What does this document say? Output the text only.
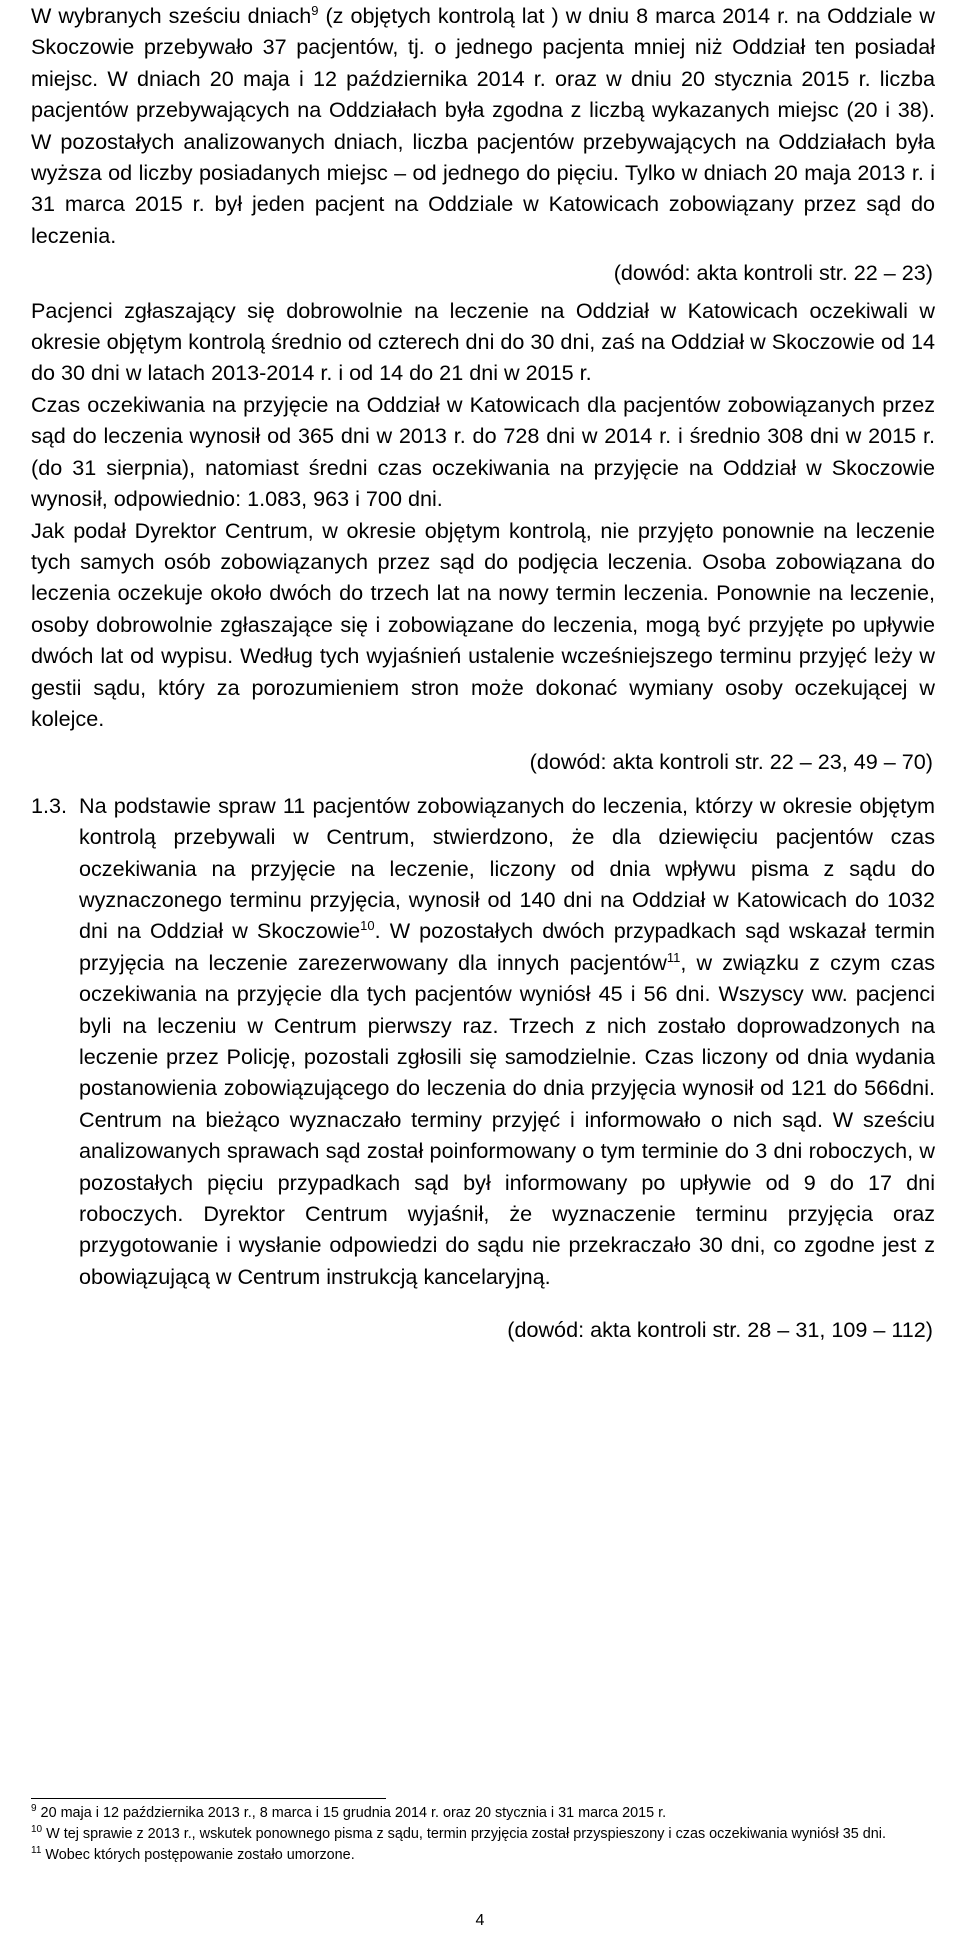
W wybranych sześciu dniach$^9$ (z objętych kontrolą lat ) w dniu 8 marca 2014 r. na Oddziale w Skoczowie przebywało 37 pacjentów, tj. o jednego pacjenta mniej niż Oddział ten posiadał miejsc. W dniach 20 maja i 12 października 2014 r. oraz w dniu 20 stycznia 2015 r. liczba pacjentów przebywających na Oddziałach była zgodna z liczbą wykazanych miejsc (20 i 38). W pozostałych analizowanych dniach, liczba pacjentów przebywających na Oddziałach była wyższa od liczby posiadanych miejsc – od jednego do pięciu. Tylko w dniach 20 maja 2013 r. i 31 marca 2015 r. był jeden pacjent na Oddziale w Katowicach zobowiązany przez sąd do leczenia.

(dowód: akta kontroli str. 22 – 23)

Pacjenci zgłaszający się dobrowolnie na leczenie na Oddział w Katowicach oczekiwali w okresie objętym kontrolą średnio od czterech dni do 30 dni, zaś na Oddział w Skoczowie od 14 do 30 dni w latach 2013-2014 r. i od 14 do 21 dni w 2015 r.

Czas oczekiwania na przyjęcie na Oddział w Katowicach dla pacjentów zobowiązanych przez sąd do leczenia wynosił od 365 dni w 2013 r. do 728 dni w 2014 r. i średnio 308 dni w 2015 r. (do 31 sierpnia), natomiast średni czas oczekiwania na przyjęcie na Oddział w Skoczowie wynosił, odpowiednio: 1.083, 963 i 700 dni.

Jak podał Dyrektor Centrum, w okresie objętym kontrolą, nie przyjęto ponownie na leczenie tych samych osób zobowiązanych przez sąd do podjęcia leczenia. Osoba zobowiązana do leczenia oczekuje około dwóch do trzech lat na nowy termin leczenia. Ponownie na leczenie, osoby dobrowolnie zgłaszające się i zobowiązane do leczenia, mogą być przyjęte po upływie dwóch lat od wypisu. Według tych wyjaśnień ustalenie wcześniejszego terminu przyjęć leży w gestii sądu, który za porozumieniem stron może dokonać wymiany osoby oczekującej w kolejce.

(dowód: akta kontroli str. 22 – 23, 49 – 70)

1.3. Na podstawie spraw 11 pacjentów zobowiązanych do leczenia, którzy w okresie objętym kontrolą przebywali w Centrum, stwierdzono, że dla dziewięciu pacjentów czas oczekiwania na przyjęcie na leczenie, liczony od dnia wpływu pisma z sądu do wyznaczonego terminu przyjęcia, wynosił od 140 dni na Oddział w Katowicach do 1032 dni na Oddział w Skoczowie$^{10}$. W pozostałych dwóch przypadkach sąd wskazał termin przyjęcia na leczenie zarezerwowany dla innych pacjentów$^{11}$, w związku z czym czas oczekiwania na przyjęcie dla tych pacjentów wyniósł 45 i 56 dni. Wszyscy ww. pacjenci byli na leczeniu w Centrum pierwszy raz. Trzech z nich zostało doprowadzonych na leczenie przez Policję, pozostali zgłosili się samodzielnie. Czas liczony od dnia wydania postanowienia zobowiązującego do leczenia do dnia przyjęcia wynosił od 121 do 566dni. Centrum na bieżąco wyznaczało terminy przyjęć i informowało o nich sąd. W sześciu analizowanych sprawach sąd został poinformowany o tym terminie do 3 dni roboczych, w pozostałych pięciu przypadkach sąd był informowany po upływie od 9 do 17 dni roboczych. Dyrektor Centrum wyjaśnił, że wyznaczenie terminu przyjęcia oraz przygotowanie i wysłanie odpowiedzi do sądu nie przekraczało 30 dni, co zgodne jest z obowiązującą w Centrum instrukcją kancelaryjną.

(dowód: akta kontroli str. 28 – 31, 109 – 112)

$^9$ 20 maja i 12 października 2013 r., 8 marca i 15 grudnia 2014 r. oraz 20 stycznia i 31 marca 2015 r.

$^{10}$ W tej sprawie z 2013 r., wskutek ponownego pisma z sądu, termin przyjęcia został przyspieszony i czas oczekiwania wyniósł 35 dni.

$^{11}$ Wobec których postępowanie zostało umorzone.

4
